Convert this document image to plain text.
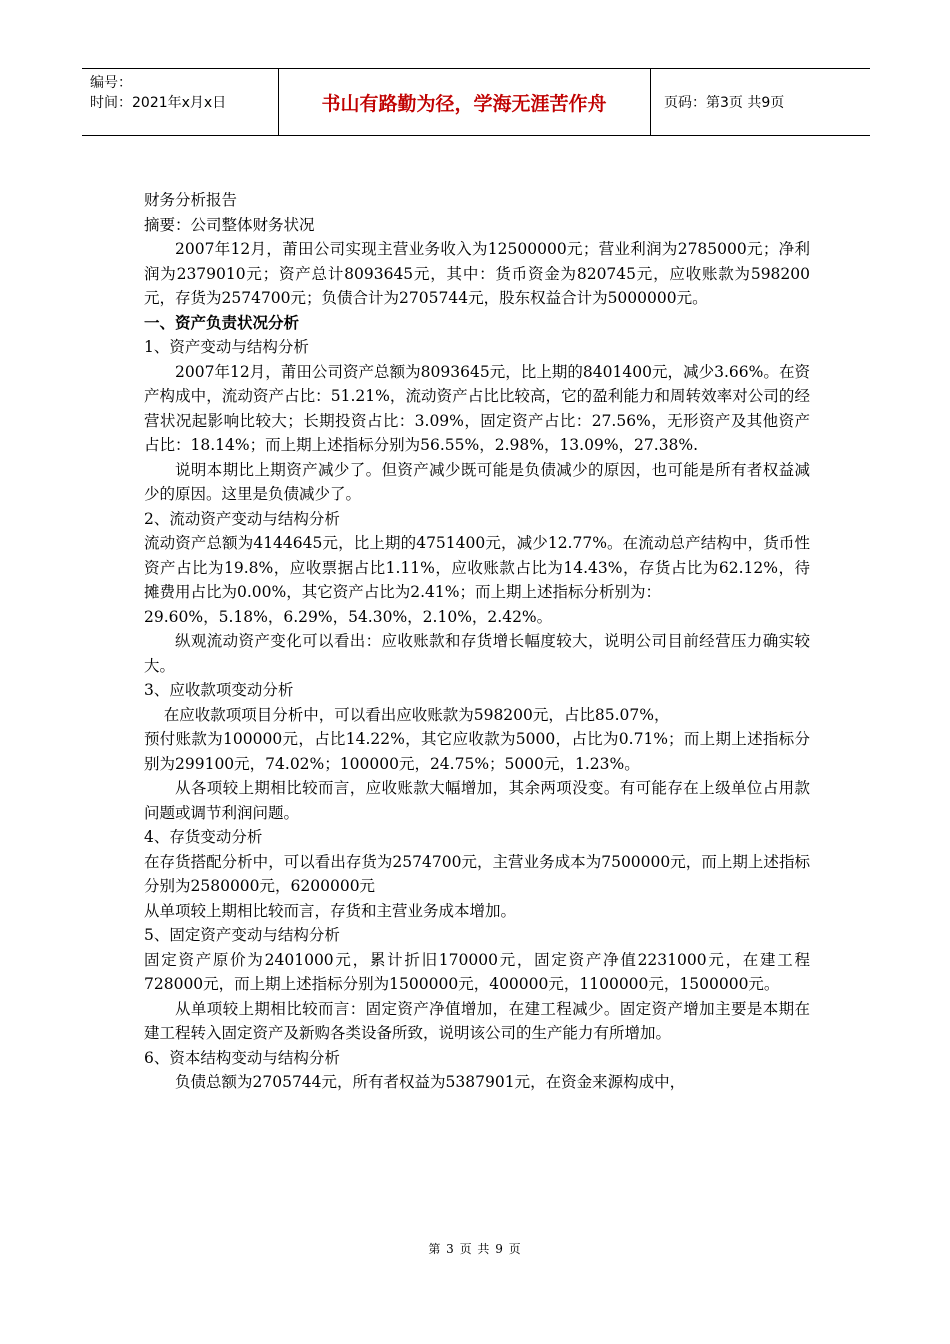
编号：
时间：2021年x月x日	书山有路勤为径，学海无涯苦作舟	页码：第3页 共9页

财务分析报告

摘要：公司整体财务状况

2007年12月，莆田公司实现主营业务收入为12500000元；营业利润为2785000元；净利润为2379010元；资产总计8093645元，其中：货币资金为820745元，应收账款为598200元，存货为2574700元；负债合计为2705744元，股东权益合计为5000000元。

一、资产负责状况分析

1、资产变动与结构分析

2007年12月，莆田公司资产总额为8093645元，比上期的8401400元，减少3.66%。在资产构成中，流动资产占比：51.21%，流动资产占比比较高，它的盈利能力和周转效率对公司的经营状况起影响比较大；长期投资占比：3.09%，固定资产占比：27.56%，无形资产及其他资产占比：18.14%；而上期上述指标分别为56.55%，2.98%，13.09%，27.38%.

说明本期比上期资产减少了。但资产减少既可能是负债减少的原因，也可能是所有者权益减少的原因。这里是负债减少了。

2、流动资产变动与结构分析

流动资产总额为4144645元，比上期的4751400元，减少12.77%。在流动总产结构中，货币性资产占比为19.8%，应收票据占比1.11%，应收账款占比为14.43%，存货占比为62.12%，待摊费用占比为0.00%，其它资产占比为2.41%；而上期上述指标分析别为：

29.60%，5.18%，6.29%，54.30%，2.10%，2.42%。

纵观流动资产变化可以看出：应收账款和存货增长幅度较大，说明公司目前经营压力确实较大。

3、应收款项变动分析

在应收款项项目分析中，可以看出应收账款为598200元，占比85.07%，
预付账款为100000元，占比14.22%，其它应收款为5000，占比为0.71%；而上期上述指标分别为299100元，74.02%；100000元，24.75%；5000元，1.23%。

从各项较上期相比较而言，应收账款大幅增加，其余两项没变。有可能存在上级单位占用款问题或调节利润问题。

4、存货变动分析

在存货搭配分析中，可以看出存货为2574700元，主营业务成本为7500000元，而上期上述指标分别为2580000元，6200000元

从单项较上期相比较而言，存货和主营业务成本增加。

5、固定资产变动与结构分析

固定资产原价为2401000元，累计折旧170000元，固定资产净值2231000元，在建工程728000元，而上期上述指标分别为1500000元，400000元，1100000元，1500000元。

从单项较上期相比较而言：固定资产净值增加，在建工程减少。固定资产增加主要是本期在建工程转入固定资产及新购各类设备所致，说明该公司的生产能力有所增加。

6、资本结构变动与结构分析

负债总额为2705744元，所有者权益为5387901元，在资金来源构成中，

第 3 页 共 9 页
